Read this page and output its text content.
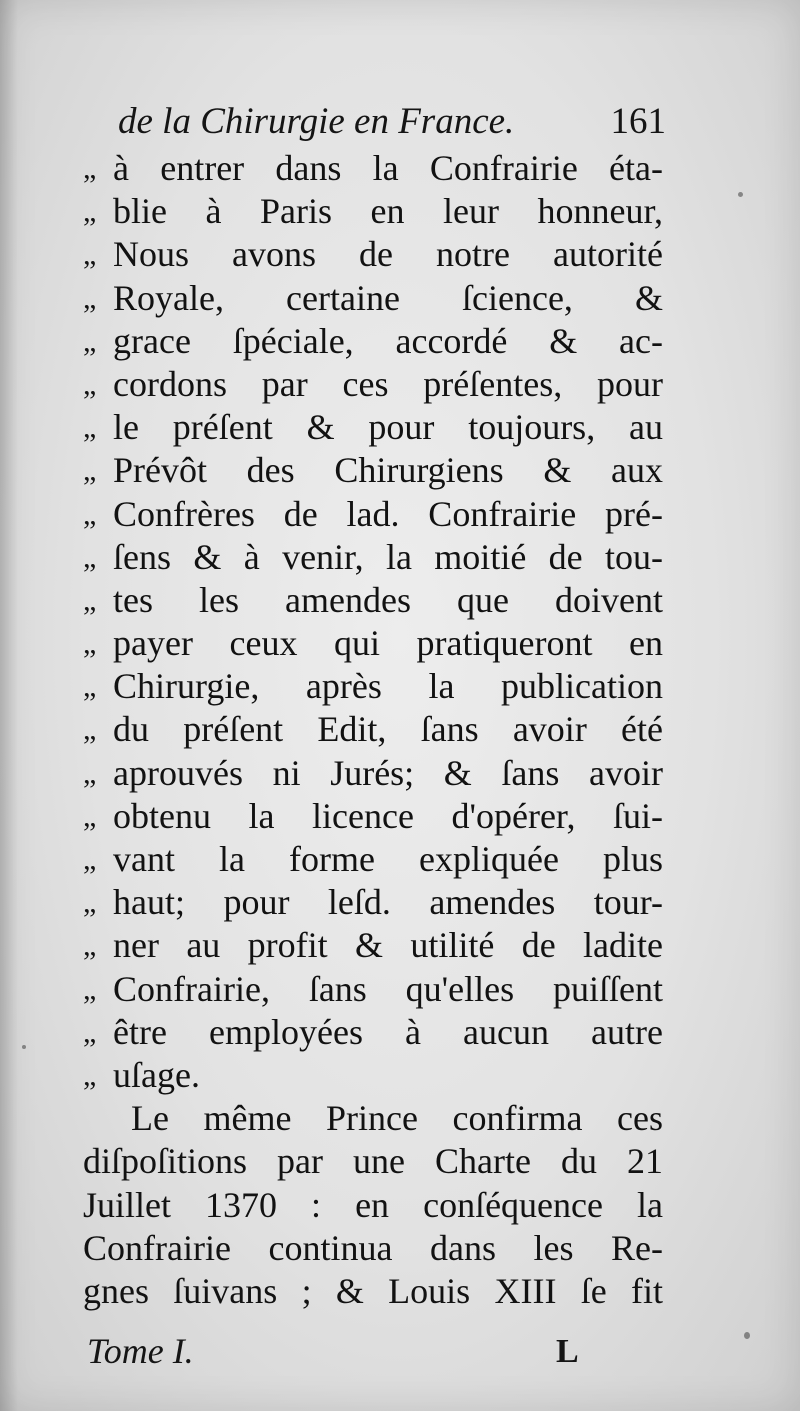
de la Chirurgie en France.	161
„ à entrer dans la Confrairie éta-
„ blie à Paris en leur honneur,
„ Nous avons de notre autorité
„ Royale, certaine ſcience, &
„ grace ſpéciale, accordé & ac-
„ cordons par ces préſentes, pour
„ le préſent & pour toujours, au
„ Prévôt des Chirurgiens & aux
„ Confrères de lad. Confrairie pré-
„ ſens & à venir, la moitié de tou-
„ tes les amendes que doivent
„ payer ceux qui pratiqueront en
„ Chirurgie, après la publication
„ du préſent Edit, ſans avoir été
„ aprouvés ni Jurés; & ſans avoir
„ obtenu la licence d'opérer, ſui-
„ vant la forme expliquée plus
„ haut; pour leſd. amendes tour-
„ ner au profit & utilité de ladite
„ Confrairie, ſans qu'elles puiſſent
„ être employées à aucun autre
„ uſage.
Le même Prince confirma ces
diſpoſitions par une Charte du 21
Juillet 1370 : en conſéquence la
Confrairie continua dans les Re-
gnes ſuivans ; & Louis XIII ſe fit
Tome I.	L
